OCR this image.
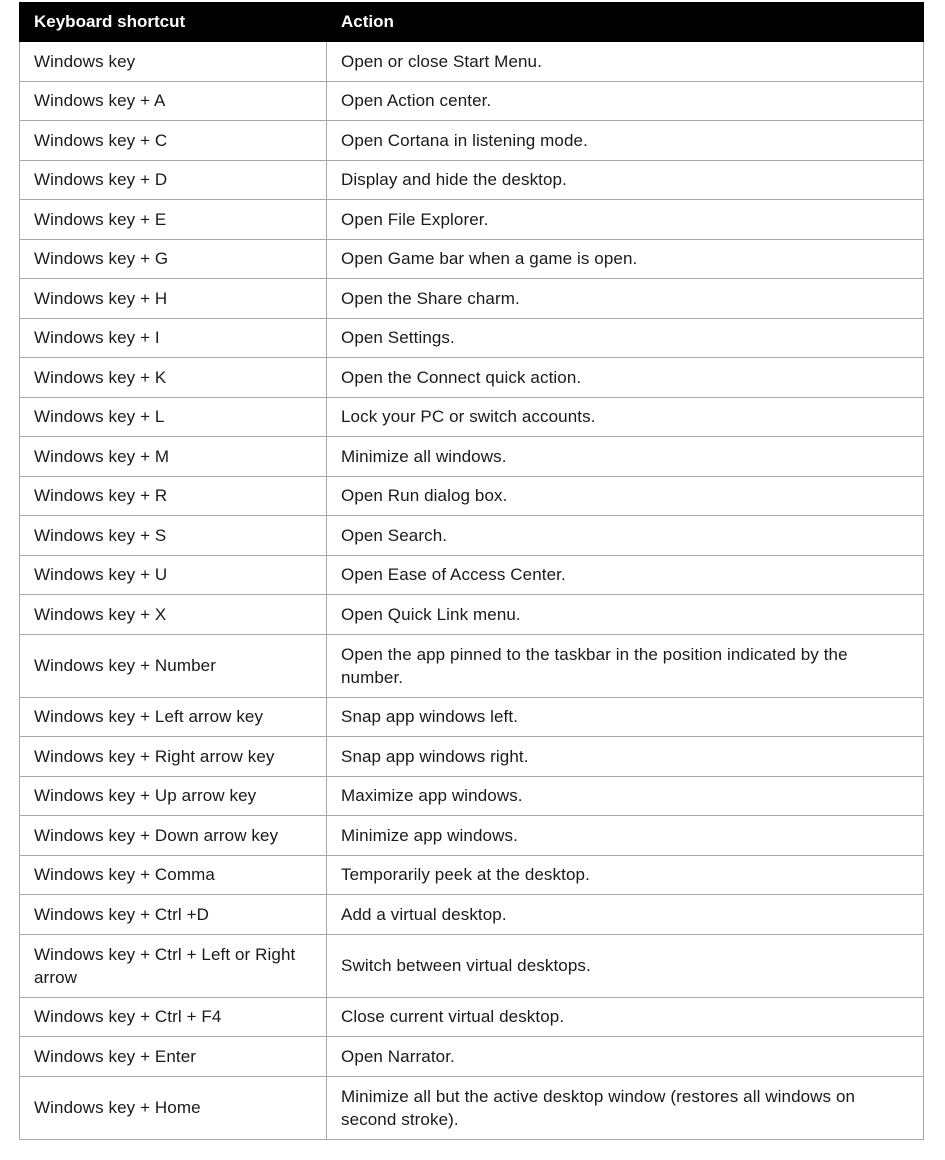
Keyboard shortcut	Action
Windows key	Open or close Start Menu.
Windows key + A	Open Action center.
Windows key + C	Open Cortana in listening mode.
Windows key + D	Display and hide the desktop.
Windows key + E	Open File Explorer.
Windows key + G	Open Game bar when a game is open.
Windows key + H	Open the Share charm.
Windows key + I	Open Settings.
Windows key + K	Open the Connect quick action.
Windows key + L	Lock your PC or switch accounts.
Windows key + M	Minimize all windows.
Windows key + R	Open Run dialog box.
Windows key + S	Open Search.
Windows key + U	Open Ease of Access Center.
Windows key + X	Open Quick Link menu.
Windows key + Number	Open the app pinned to the taskbar in the position indicated by the number.
Windows key + Left arrow key	Snap app windows left.
Windows key + Right arrow key	Snap app windows right.
Windows key + Up arrow key	Maximize app windows.
Windows key + Down arrow key	Minimize app windows.
Windows key + Comma	Temporarily peek at the desktop.
Windows key + Ctrl +D	Add a virtual desktop.
Windows key + Ctrl + Left or Right arrow	Switch between virtual desktops.
Windows key + Ctrl + F4	Close current virtual desktop.
Windows key + Enter	Open Narrator.
Windows key + Home	Minimize all but the active desktop window (restores all windows on second stroke).
